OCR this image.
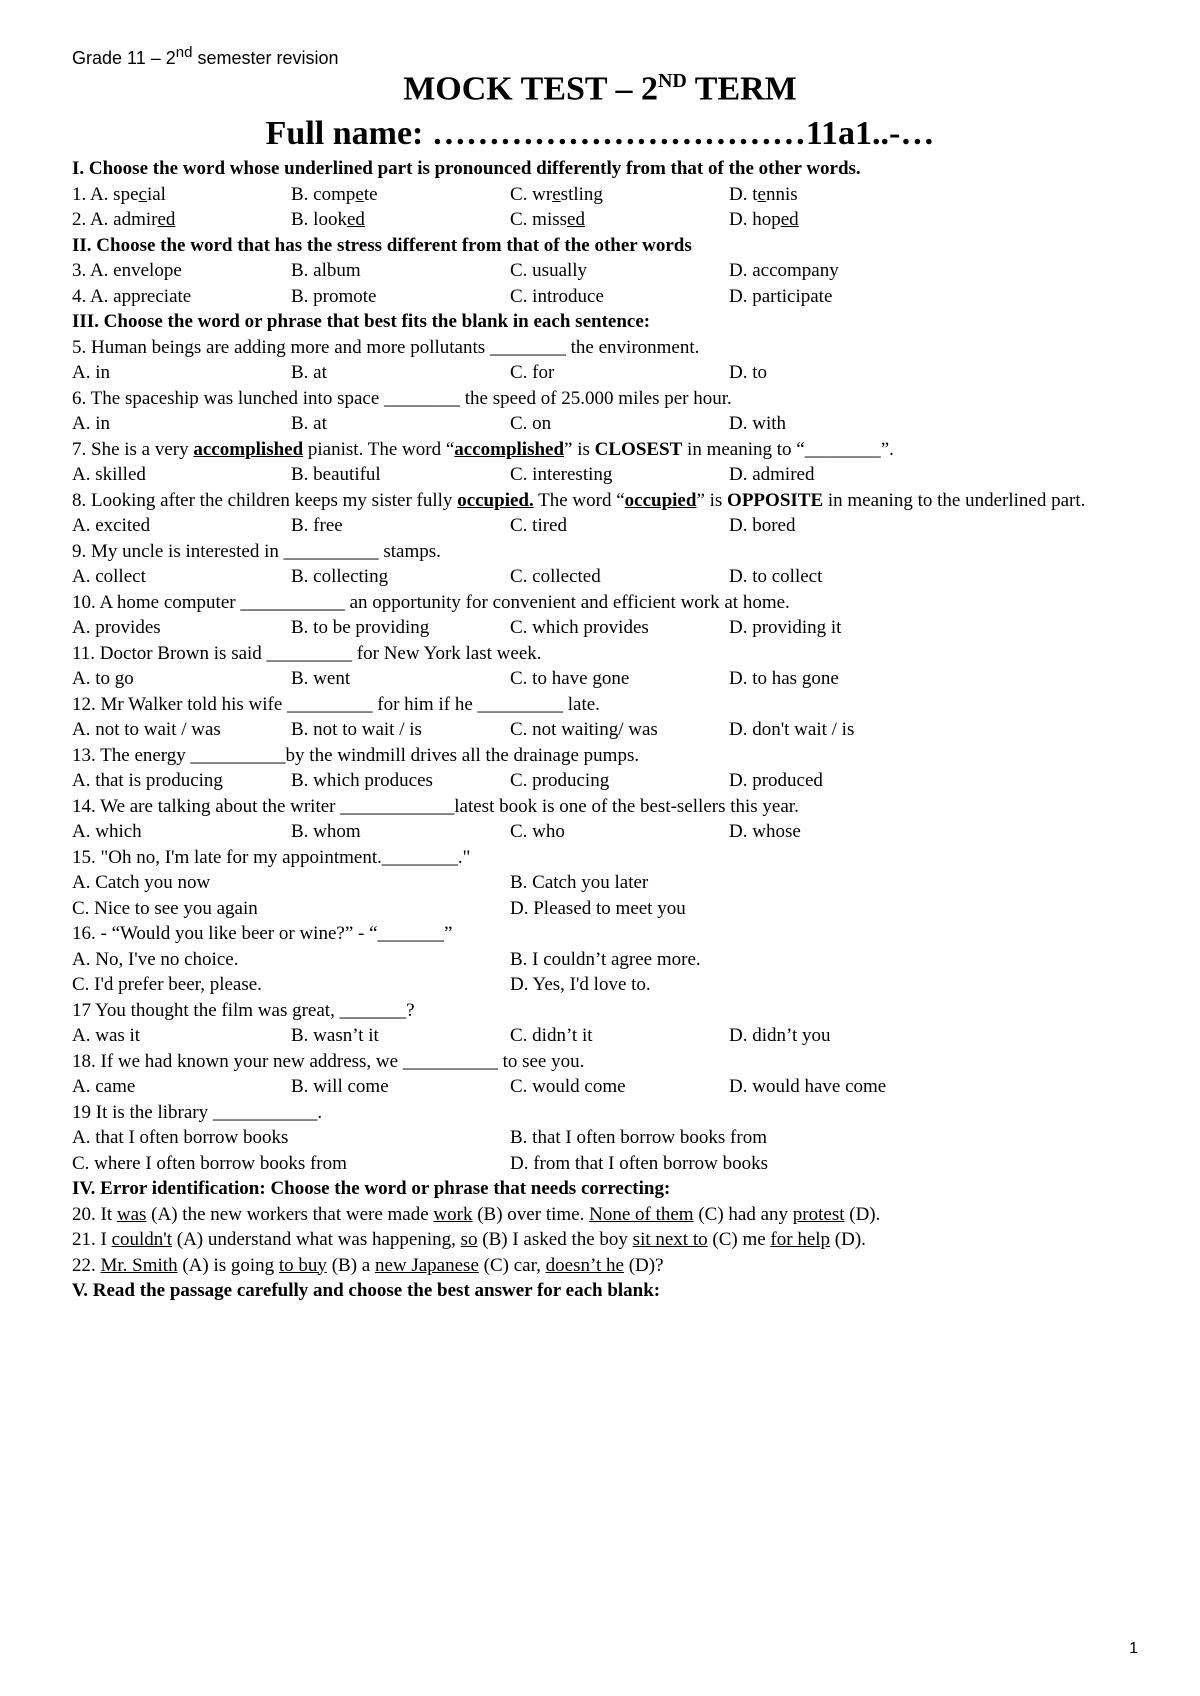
Grade 11 – 2nd semester revision
MOCK TEST – 2ND TERM
Full name: ……………………………11a1..-…
I. Choose the word whose underlined part is pronounced differently from that of the other words.
1. A. special	B. compete	C. wrestling	D. tennis
2. A. admired	B. looked	C. missed	D. hoped
II. Choose the word that has the stress different from that of the other words
3. A. envelope	B. album	C. usually	D. accompany
4. A. appreciate	B. promote	C. introduce	D. participate
III. Choose the word or phrase that best fits the blank in each sentence:
5. Human beings are adding more and more pollutants ________ the environment.
A. in	B. at	C. for	D. to
6. The spaceship was lunched into space ________ the speed of 25.000 miles per hour.
A. in	B. at	C. on	D. with
7. She is a very accomplished pianist. The word “accomplished” is CLOSEST in meaning to “________”.
A. skilled	B. beautiful	C. interesting	D. admired
8. Looking after the children keeps my sister fully occupied. The word “occupied” is OPPOSITE in meaning to the underlined part.
A. excited	B. free	C. tired	D. bored
9. My uncle is interested in __________ stamps.
A. collect	B. collecting	C. collected	D. to collect
10. A home computer ___________ an opportunity for convenient and efficient work at home.
A. provides	B. to be providing	C. which provides	D. providing it
11. Doctor Brown is said _________ for New York last week.
A. to go	B. went	C. to have gone	D. to has gone
12. Mr Walker told his wife _________ for him if he _________ late.
A. not to wait / was	B. not to wait / is	C. not waiting/ was	D. don't wait / is
13. The energy __________by the windmill drives all the drainage pumps.
A. that is producing	B. which produces	C. producing	D. produced
14. We are talking about the writer ____________latest book is one of the best-sellers this year.
A. which	B. whom	C. who	D. whose
15. "Oh no, I'm late for my appointment.________."
A. Catch you now	B. Catch you later
C. Nice to see you again	D. Pleased to meet you
16. - “Would you like beer or wine?” - “_______”
A. No, I've no choice.	B. I couldn’t agree more.
C. I'd prefer beer, please.	D. Yes, I'd love to.
17 You thought the film was great, _______?
A. was it	B. wasn’t it	C. didn’t it	D. didn’t you
18. If we had known your new address, we __________ to see you.
A. came	B. will come	C. would come	D. would have come
19 It is the library ___________.
A. that I often borrow books	B. that I often borrow books from
C. where I often borrow books from	D. from that I often borrow books
IV. Error identification: Choose the word or phrase that needs correcting:
20. It was (A) the new workers that were made work (B) over time. None of them (C) had any protest (D).
21. I couldn't (A) understand what was happening, so (B) I asked the boy sit next to (C) me for help (D).
22. Mr. Smith (A) is going to buy (B) a new Japanese (C) car, doesn’t he (D)?
V. Read the passage carefully and choose the best answer for each blank:
1
